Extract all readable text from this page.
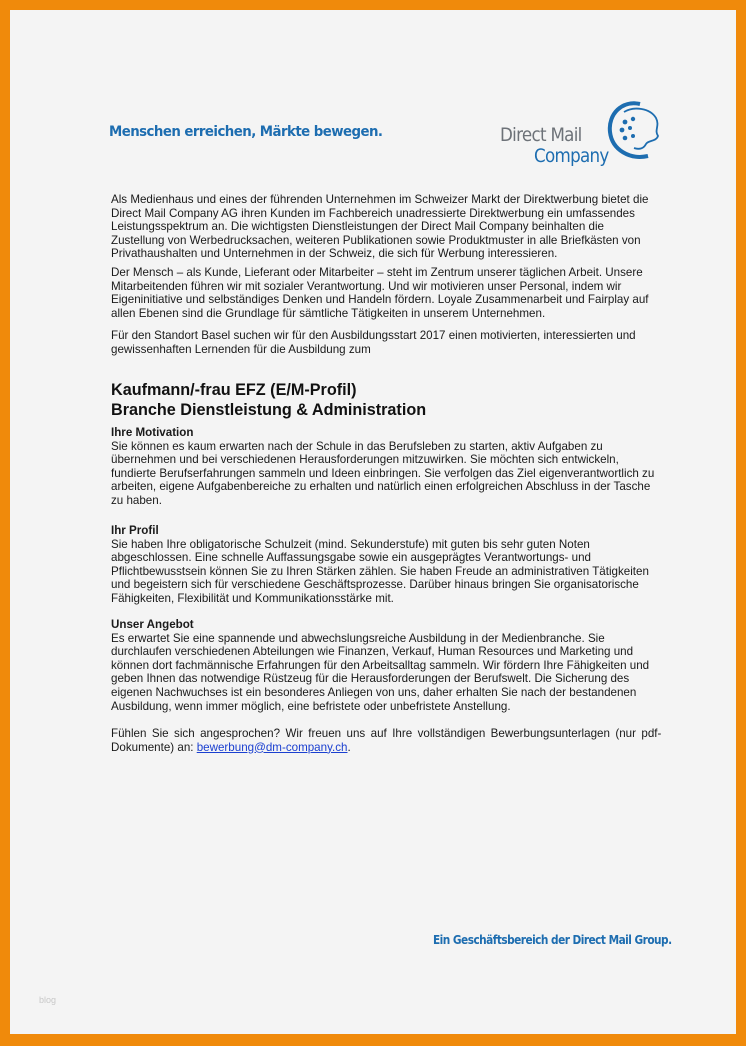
Menschen erreichen, Märkte bewegen.	Direct Mail
Company
Als Medienhaus und eines der führenden Unternehmen im Schweizer Markt der Direktwerbung bietet die
Direct Mail Company AG ihren Kunden im Fachbereich unadressierte Direktwerbung ein umfassendes
Leistungsspektrum an. Die wichtigsten Dienstleistungen der Direct Mail Company beinhalten die
Zustellung von Werbedrucksachen, weiteren Publikationen sowie Produktmuster in alle Briefkästen von
Privathaushalten und Unternehmen in der Schweiz, die sich für Werbung interessieren.
Der Mensch – als Kunde, Lieferant oder Mitarbeiter – steht im Zentrum unserer täglichen Arbeit. Unsere
Mitarbeitenden führen wir mit sozialer Verantwortung. Und wir motivieren unser Personal, indem wir
Eigeninitiative und selbständiges Denken und Handeln fördern. Loyale Zusammenarbeit und Fairplay auf
allen Ebenen sind die Grundlage für sämtliche Tätigkeiten in unserem Unternehmen.
Für den Standort Basel suchen wir für den Ausbildungsstart 2017 einen motivierten, interessierten und
gewissenhaften Lernenden für die Ausbildung zum
Kaufmann/-frau EFZ (E/M-Profil)
Branche Dienstleistung & Administration
Ihre Motivation
Sie können es kaum erwarten nach der Schule in das Berufsleben zu starten, aktiv Aufgaben zu
übernehmen und bei verschiedenen Herausforderungen mitzuwirken. Sie möchten sich entwickeln,
fundierte Berufserfahrungen sammeln und Ideen einbringen. Sie verfolgen das Ziel eigenverantwortlich zu
arbeiten, eigene Aufgabenbereiche zu erhalten und natürlich einen erfolgreichen Abschluss in der Tasche
zu haben.
Ihr Profil
Sie haben Ihre obligatorische Schulzeit (mind. Sekunderstufe) mit guten bis sehr guten Noten
abgeschlossen. Eine schnelle Auffassungsgabe sowie ein ausgeprägtes Verantwortungs- und
Pflichtbewusstsein können Sie zu Ihren Stärken zählen. Sie haben Freude an administrativen Tätigkeiten
und begeistern sich für verschiedene Geschäftsprozesse. Darüber hinaus bringen Sie organisatorische
Fähigkeiten, Flexibilität und Kommunikationsstärke mit.
Unser Angebot
Es erwartet Sie eine spannende und abwechslungsreiche Ausbildung in der Medienbranche. Sie
durchlaufen verschiedenen Abteilungen wie Finanzen, Verkauf, Human Resources und Marketing und
können dort fachmännische Erfahrungen für den Arbeitsalltag sammeln. Wir fördern Ihre Fähigkeiten und
geben Ihnen das notwendige Rüstzeug für die Herausforderungen der Berufswelt. Die Sicherung des
eigenen Nachwuchses ist ein besonderes Anliegen von uns, daher erhalten Sie nach der bestandenen
Ausbildung, wenn immer möglich, eine befristete oder unbefristete Anstellung.
Fühlen Sie sich angesprochen? Wir freuen uns auf Ihre vollständigen Bewerbungsunterlagen (nur pdf-
Dokumente) an: bewerbung@dm-company.ch.
Ein Geschäftsbereich der Direct Mail Group.
blog
